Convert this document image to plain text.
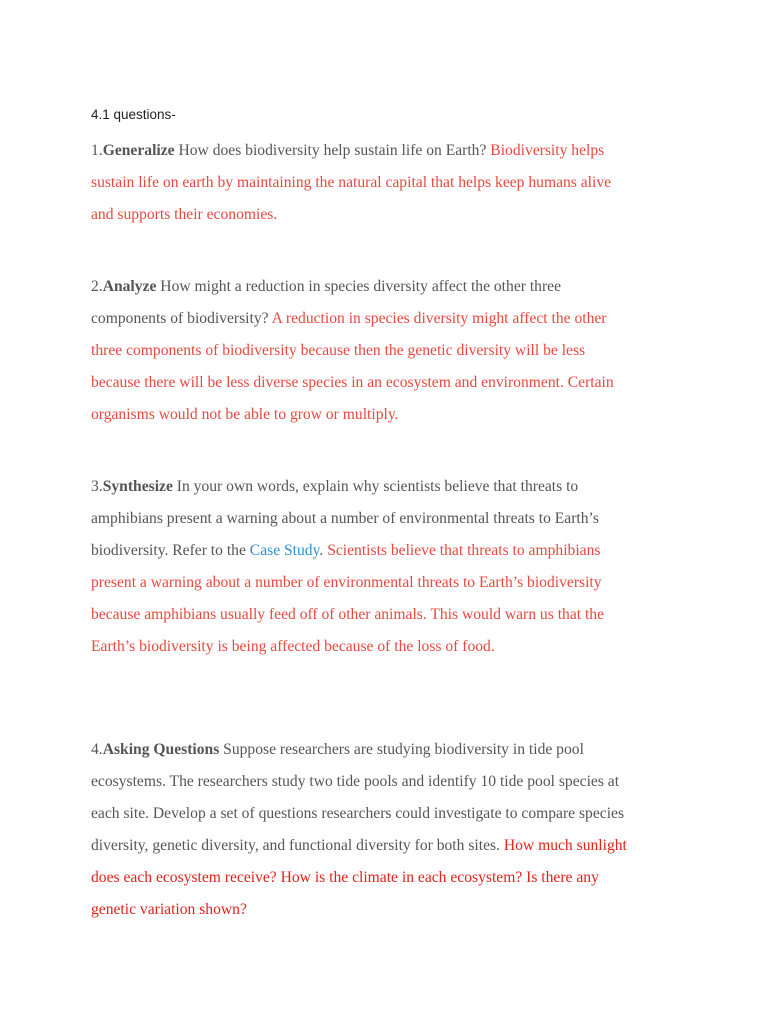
4.1 questions-

1.Generalize How does biodiversity help sustain life on Earth? Biodiversity helps sustain life on earth by maintaining the natural capital that helps keep humans alive and supports their economies.

2.Analyze How might a reduction in species diversity affect the other three components of biodiversity? A reduction in species diversity might affect the other three components of biodiversity because then the genetic diversity will be less because there will be less diverse species in an ecosystem and environment. Certain organisms would not be able to grow or multiply.

3.Synthesize In your own words, explain why scientists believe that threats to amphibians present a warning about a number of environmental threats to Earth’s biodiversity. Refer to the Case Study. Scientists believe that threats to amphibians present a warning about a number of environmental threats to Earth’s biodiversity because amphibians usually feed off of other animals. This would warn us that the Earth’s biodiversity is being affected because of the loss of food.

4.Asking Questions Suppose researchers are studying biodiversity in tide pool ecosystems. The researchers study two tide pools and identify 10 tide pool species at each site. Develop a set of questions researchers could investigate to compare species diversity, genetic diversity, and functional diversity for both sites. How much sunlight does each ecosystem receive? How is the climate in each ecosystem? Is there any genetic variation shown?
